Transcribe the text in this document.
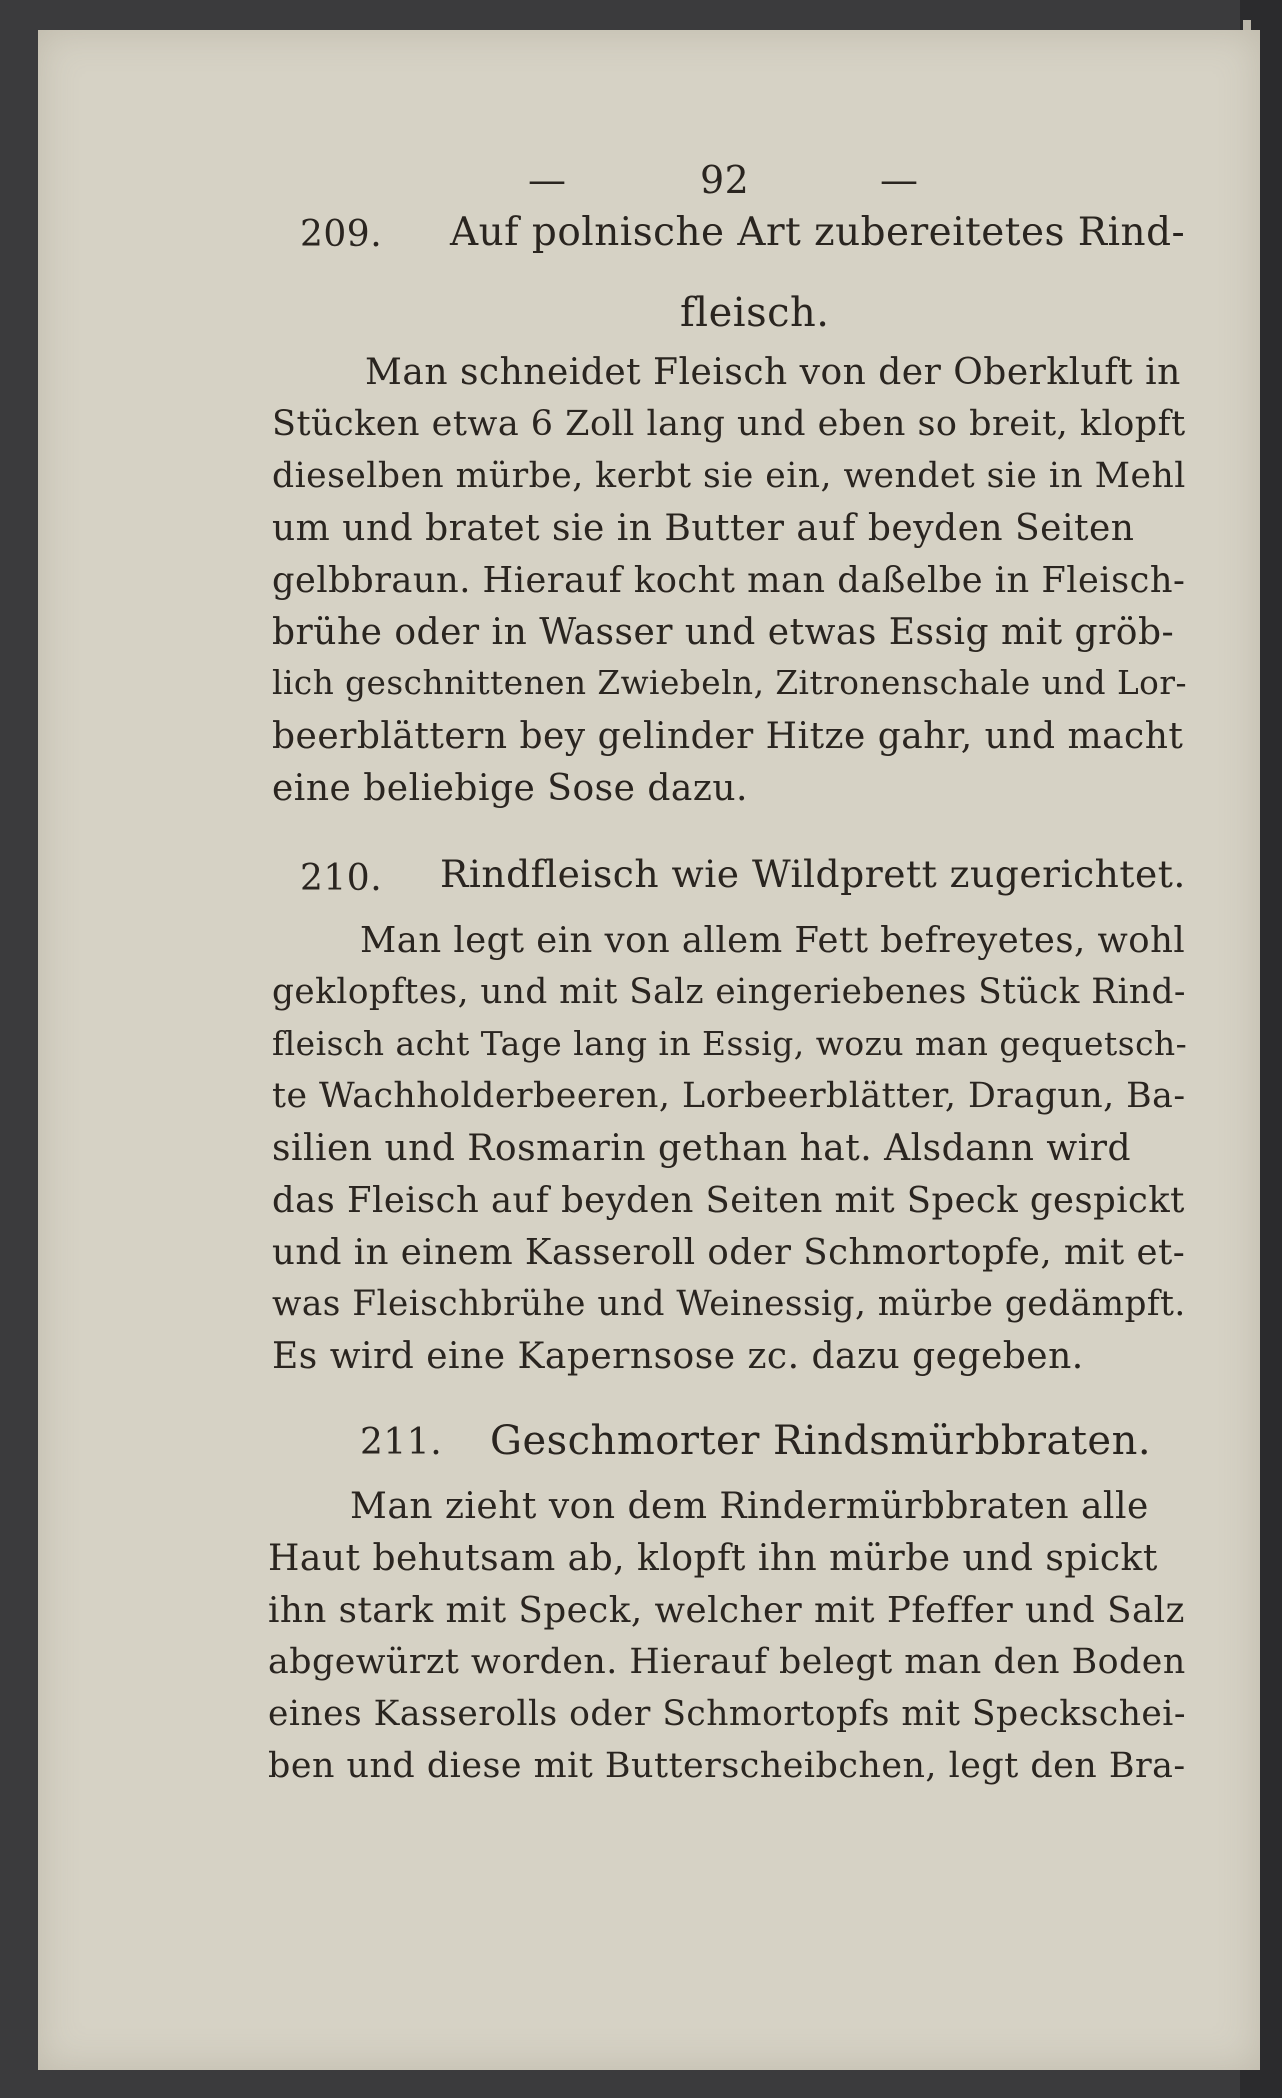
—	92	—
209. Auf polnische Art zubereitetes Rind-
fleisch.
Man schneidet Fleisch von der Oberkluft in
Stücken etwa 6 Zoll lang und eben so breit, klopft
dieselben mürbe, kerbt sie ein, wendet sie in Mehl
um und bratet sie in Butter auf beyden Seiten
gelbbraun. Hierauf kocht man daßelbe in Fleisch-
brühe oder in Wasser und etwas Essig mit gröb-
lich geschnittenen Zwiebeln, Zitronenschale und Lor-
beerblättern bey gelinder Hitze gahr, und macht
eine beliebige Sose dazu.
210. Rindfleisch wie Wildprett zugerichtet.
Man legt ein von allem Fett befreyetes, wohl
geklopftes, und mit Salz eingeriebenes Stück Rind-
fleisch acht Tage lang in Essig, wozu man gequetsch-
te Wachholderbeeren, Lorbeerblätter, Dragun, Ba-
silien und Rosmarin gethan hat. Alsdann wird
das Fleisch auf beyden Seiten mit Speck gespickt
und in einem Kasseroll oder Schmortopfe, mit et-
was Fleischbrühe und Weinessig, mürbe gedämpft.
Es wird eine Kapernsose zc. dazu gegeben.
211. Geschmorter Rindsmürbbraten.
Man zieht von dem Rindermürbbraten alle
Haut behutsam ab, klopft ihn mürbe und spickt
ihn stark mit Speck, welcher mit Pfeffer und Salz
abgewürzt worden. Hierauf belegt man den Boden
eines Kasserolls oder Schmortopfs mit Speckschei-
ben und diese mit Butterscheibchen, legt den Bra-
